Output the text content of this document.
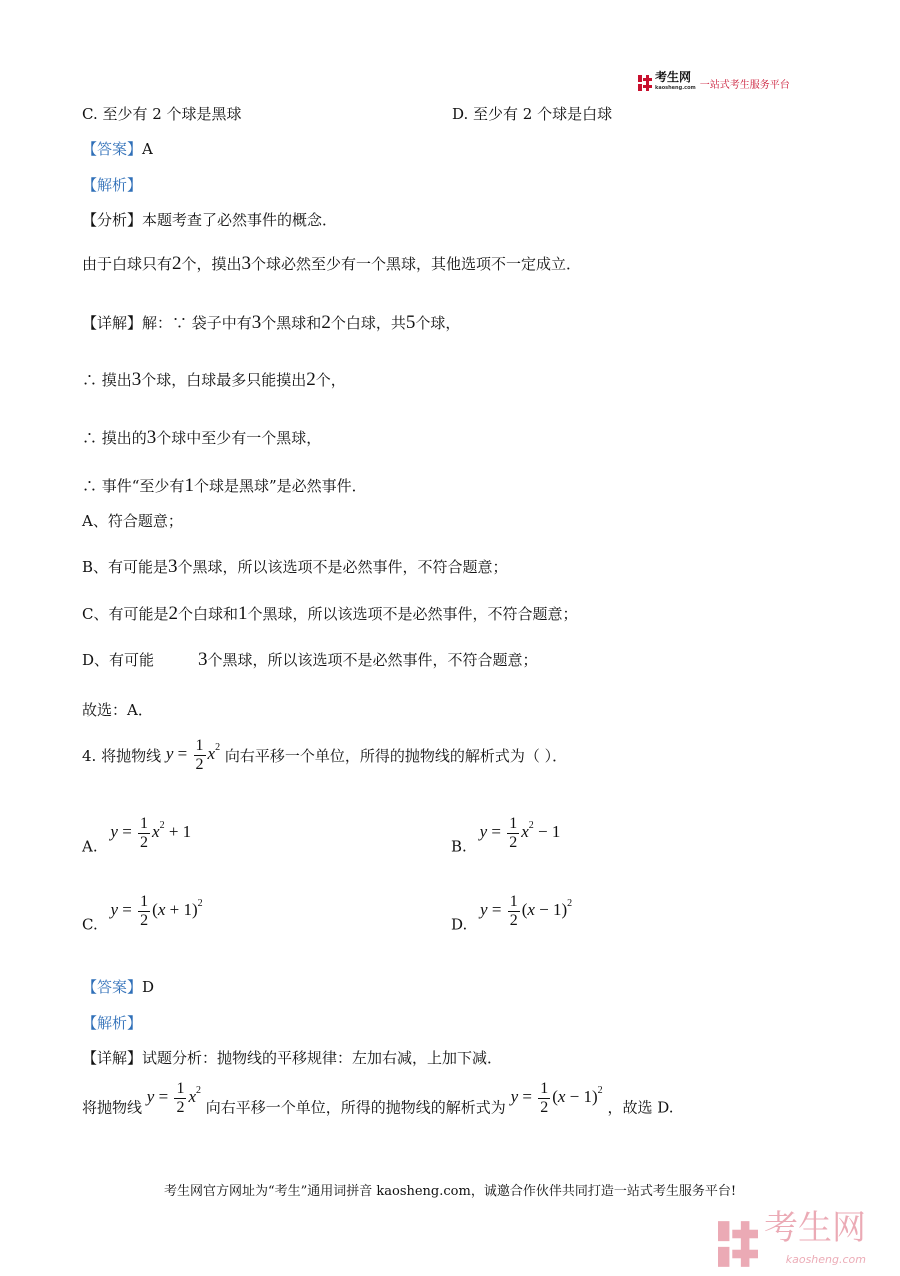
考生网
kaosheng.com 一站式考生服务平台
C. 至少有 2 个球是黑球	D. 至少有 2 个球是白球
【答案】A
【解析】
【分析】本题考查了必然事件的概念．
由于白球只有2个，摸出3个球必然至少有一个黑球，其他选项不一定成立．
【详解】解：∵ 袋子中有3个黑球和2个白球，共5个球，
∴ 摸出3个球，白球最多只能摸出2个，
∴ 摸出的3个球中至少有一个黑球，
∴ 事件“至少有1个球是黑球”是必然事件．
A、符合题意；
B、有可能是3个黑球，所以该选项不是必然事件，不符合题意；
C、有可能是2个白球和1个黑球，所以该选项不是必然事件，不符合题意；
D、有可能 3个黑球，所以该选项不是必然事件，不符合题意；
故选：A．
4. 将抛物线 $y = \frac{1}{2} x^2$ 向右平移一个单位，所得的抛物线的解析式为（ ）．
A. $y = \frac{1}{2} x^2 + 1$
B. $y = \frac{1}{2} x^2 - 1$
C. $y = \frac{1}{2} (x + 1)^2$
D. $y = \frac{1}{2} (x - 1)^2$
【答案】D
【解析】
【详解】试题分析：抛物线的平移规律：左加右减，上加下减．
将抛物线 $y = \frac{1}{2} x^2$ 向右平移一个单位，所得的抛物线的解析式为 $y = \frac{1}{2} (x - 1)^2$ ，故选 D.
考生网官方网址为“考生”通用词拼音 kaosheng.com，诚邀合作伙伴共同打造一站式考生服务平台!
考生网
kaosheng.com
